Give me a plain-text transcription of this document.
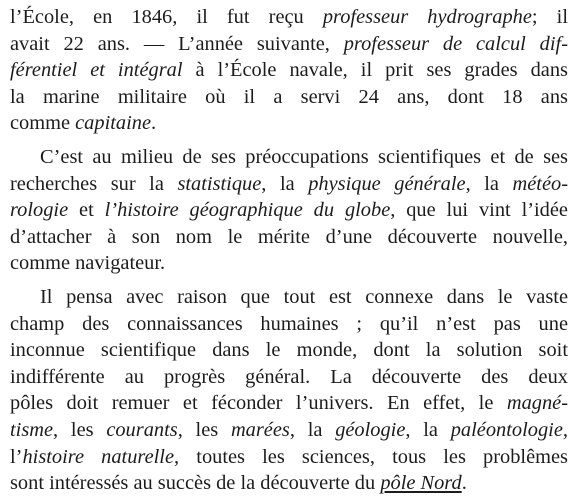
l’École, en 1846, il fut reçu professeur hydrographe; il
avait 22 ans. — L’année suivante, professeur de calcul dif-
férentiel et intégral à l’École navale, il prit ses grades dans
la marine militaire où il a servi 24 ans, dont 18 ans
comme capitaine.
C’est au milieu de ses préoccupations scientifiques et de ses
recherches sur la statistique, la physique générale, la météo-
rologie et l’histoire géographique du globe, que lui vint l’idée
d’attacher à son nom le mérite d’une découverte nouvelle,
comme navigateur.
Il pensa avec raison que tout est connexe dans le vaste
champ des connaissances humaines ; qu’il n’est pas une
inconnue scientifique dans le monde, dont la solution soit
indifférente au progrès général. La découverte des deux
pôles doit remuer et féconder l’univers. En effet, le magné-
tisme, les courants, les marées, la géologie, la paléontologie,
l’histoire naturelle, toutes les sciences, tous les problêmes
sont intéressés au succès de la découverte du pôle Nord.
